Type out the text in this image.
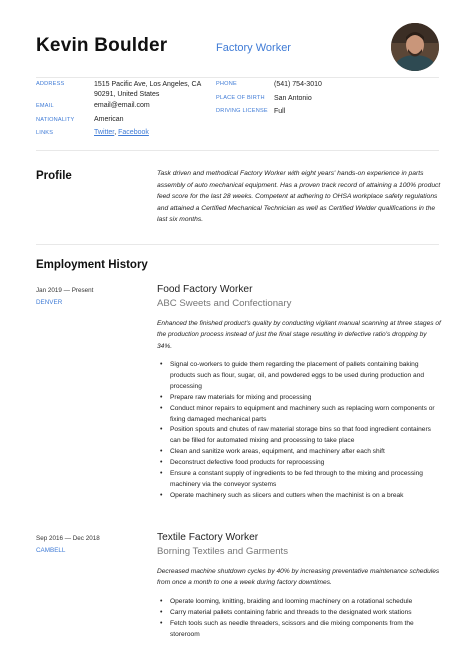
Kevin Boulder	Factory Worker
ADDRESS	1515 Pacific Ave, Los Angeles, CA
90291, United States
EMAIL	email@email.com
NATIONALITY	American
LINKS	Twitter, Facebook
PHONE	(541) 754-3010
PLACE OF BIRTH San Antonio
DRIVING LICENSE Full
Profile	Task driven and methodical Factory Worker with eight years' hands-on experience in parts assembly of auto mechanical equipment. Has a proven track record of attaining a 100% product feed score for the last 28 weeks. Competent at adhering to OHSA workplace safety regulations and attained a Certified Mechanical Technician as well as Certified Welder qualifications in the last six months.
Employment History
Jan 2019 — Present
DENVER
Food Factory Worker
ABC Sweets and Confectionary
Enhanced the finished product's quality by conducting vigilant manual scanning at three stages of the production process instead of just the final stage resulting in defective ratio's dropping by 34%.
• Signal co-workers to guide them regarding the placement of pallets containing baking products such as flour, sugar, oil, and powdered eggs to be used during production and processing
• Prepare raw materials for mixing and processing
• Conduct minor repairs to equipment and machinery such as replacing worn components or fixing damaged mechanical parts
• Position spouts and chutes of raw material storage bins so that food ingredient containers can be filled for automated mixing and processing to take place
• Clean and sanitize work areas, equipment, and machinery after each shift
• Deconstruct defective food products for reprocessing
• Ensure a constant supply of ingredients to be fed through to the mixing and processing machinery via the conveyor systems
• Operate machinery such as slicers and cutters when the machinist is on a break
Sep 2016 — Dec 2018
CAMBELL
Textile Factory Worker
Borning Textiles and Garments
Decreased machine shutdown cycles by 40% by increasing preventative maintenance schedules from once a month to one a week during factory downtimes.
• Operate looming, knitting, braiding and looming machinery on a rotational schedule
• Carry material pallets containing fabric and threads to the designated work stations
• Fetch tools such as needle threaders, scissors and die mixing components from the storeroom
